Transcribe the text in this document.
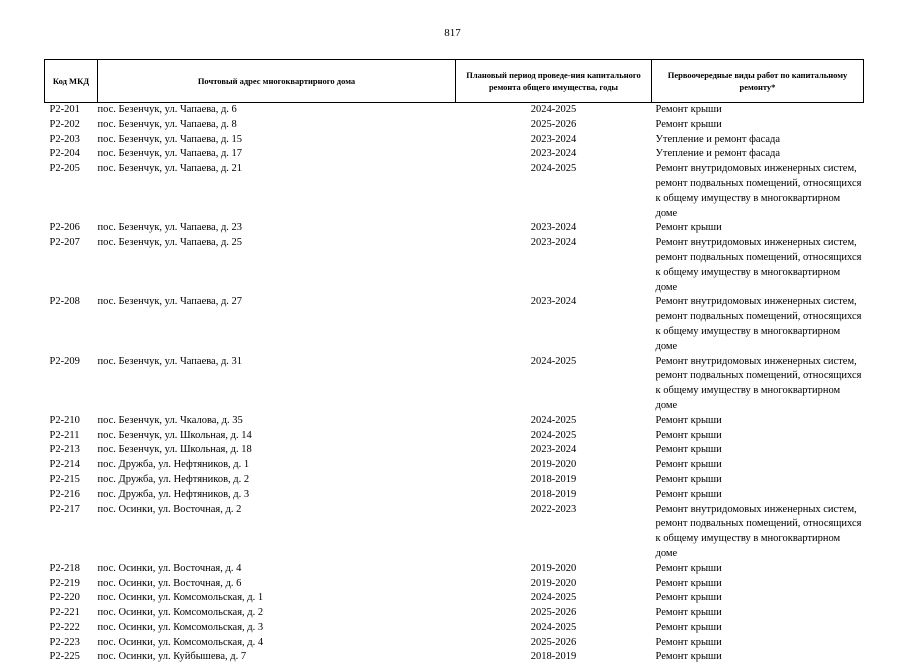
817
Код МКД	Почтовый адрес многоквартирного дома	Плановый период проведе-ния капитального ремонта общего имущества, годы	Первоочередные виды работ по капитальному ремонту*
Р2-201	пос. Безенчук, ул. Чапаева, д. 6	2024-2025	Ремонт крыши
Р2-202	пос. Безенчук, ул. Чапаева, д. 8	2025-2026	Ремонт крыши
Р2-203	пос. Безенчук, ул. Чапаева, д. 15	2023-2024	Утепление и ремонт фасада
Р2-204	пос. Безенчук, ул. Чапаева, д. 17	2023-2024	Утепление и ремонт фасада
Р2-205	пос. Безенчук, ул. Чапаева, д. 21	2024-2025	Ремонт внутридомовых инженерных систем, ремонт подвальных помещений, относящихся к общему имуществу в многоквартирном доме
Р2-206	пос. Безенчук, ул. Чапаева, д. 23	2023-2024	Ремонт крыши
Р2-207	пос. Безенчук, ул. Чапаева, д. 25	2023-2024	Ремонт внутридомовых инженерных систем, ремонт подвальных помещений, относящихся к общему имуществу в многоквартирном доме
Р2-208	пос. Безенчук, ул. Чапаева, д. 27	2023-2024	Ремонт внутридомовых инженерных систем, ремонт подвальных помещений, относящихся к общему имуществу в многоквартирном доме
Р2-209	пос. Безенчук, ул. Чапаева, д. 31	2024-2025	Ремонт внутридомовых инженерных систем, ремонт подвальных помещений, относящихся к общему имуществу в многоквартирном доме
Р2-210	пос. Безенчук, ул. Чкалова, д. 35	2024-2025	Ремонт крыши
Р2-211	пос. Безенчук, ул. Школьная, д. 14	2024-2025	Ремонт крыши
Р2-213	пос. Безенчук, ул. Школьная, д. 18	2023-2024	Ремонт крыши
Р2-214	пос. Дружба, ул. Нефтяников, д. 1	2019-2020	Ремонт крыши
Р2-215	пос. Дружба, ул. Нефтяников, д. 2	2018-2019	Ремонт крыши
Р2-216	пос. Дружба, ул. Нефтяников, д. 3	2018-2019	Ремонт крыши
Р2-217	пос. Осинки, ул. Восточная, д. 2	2022-2023	Ремонт внутридомовых инженерных систем, ремонт подвальных помещений, относящихся к общему имуществу в многоквартирном доме
Р2-218	пос. Осинки, ул. Восточная, д. 4	2019-2020	Ремонт крыши
Р2-219	пос. Осинки, ул. Восточная, д. 6	2019-2020	Ремонт крыши
Р2-220	пос. Осинки, ул. Комсомольская, д. 1	2024-2025	Ремонт крыши
Р2-221	пос. Осинки, ул. Комсомольская, д. 2	2025-2026	Ремонт крыши
Р2-222	пос. Осинки, ул. Комсомольская, д. 3	2024-2025	Ремонт крыши
Р2-223	пос. Осинки, ул. Комсомольская, д. 4	2025-2026	Ремонт крыши
Р2-225	пос. Осинки, ул. Куйбышева, д. 7	2018-2019	Ремонт крыши
